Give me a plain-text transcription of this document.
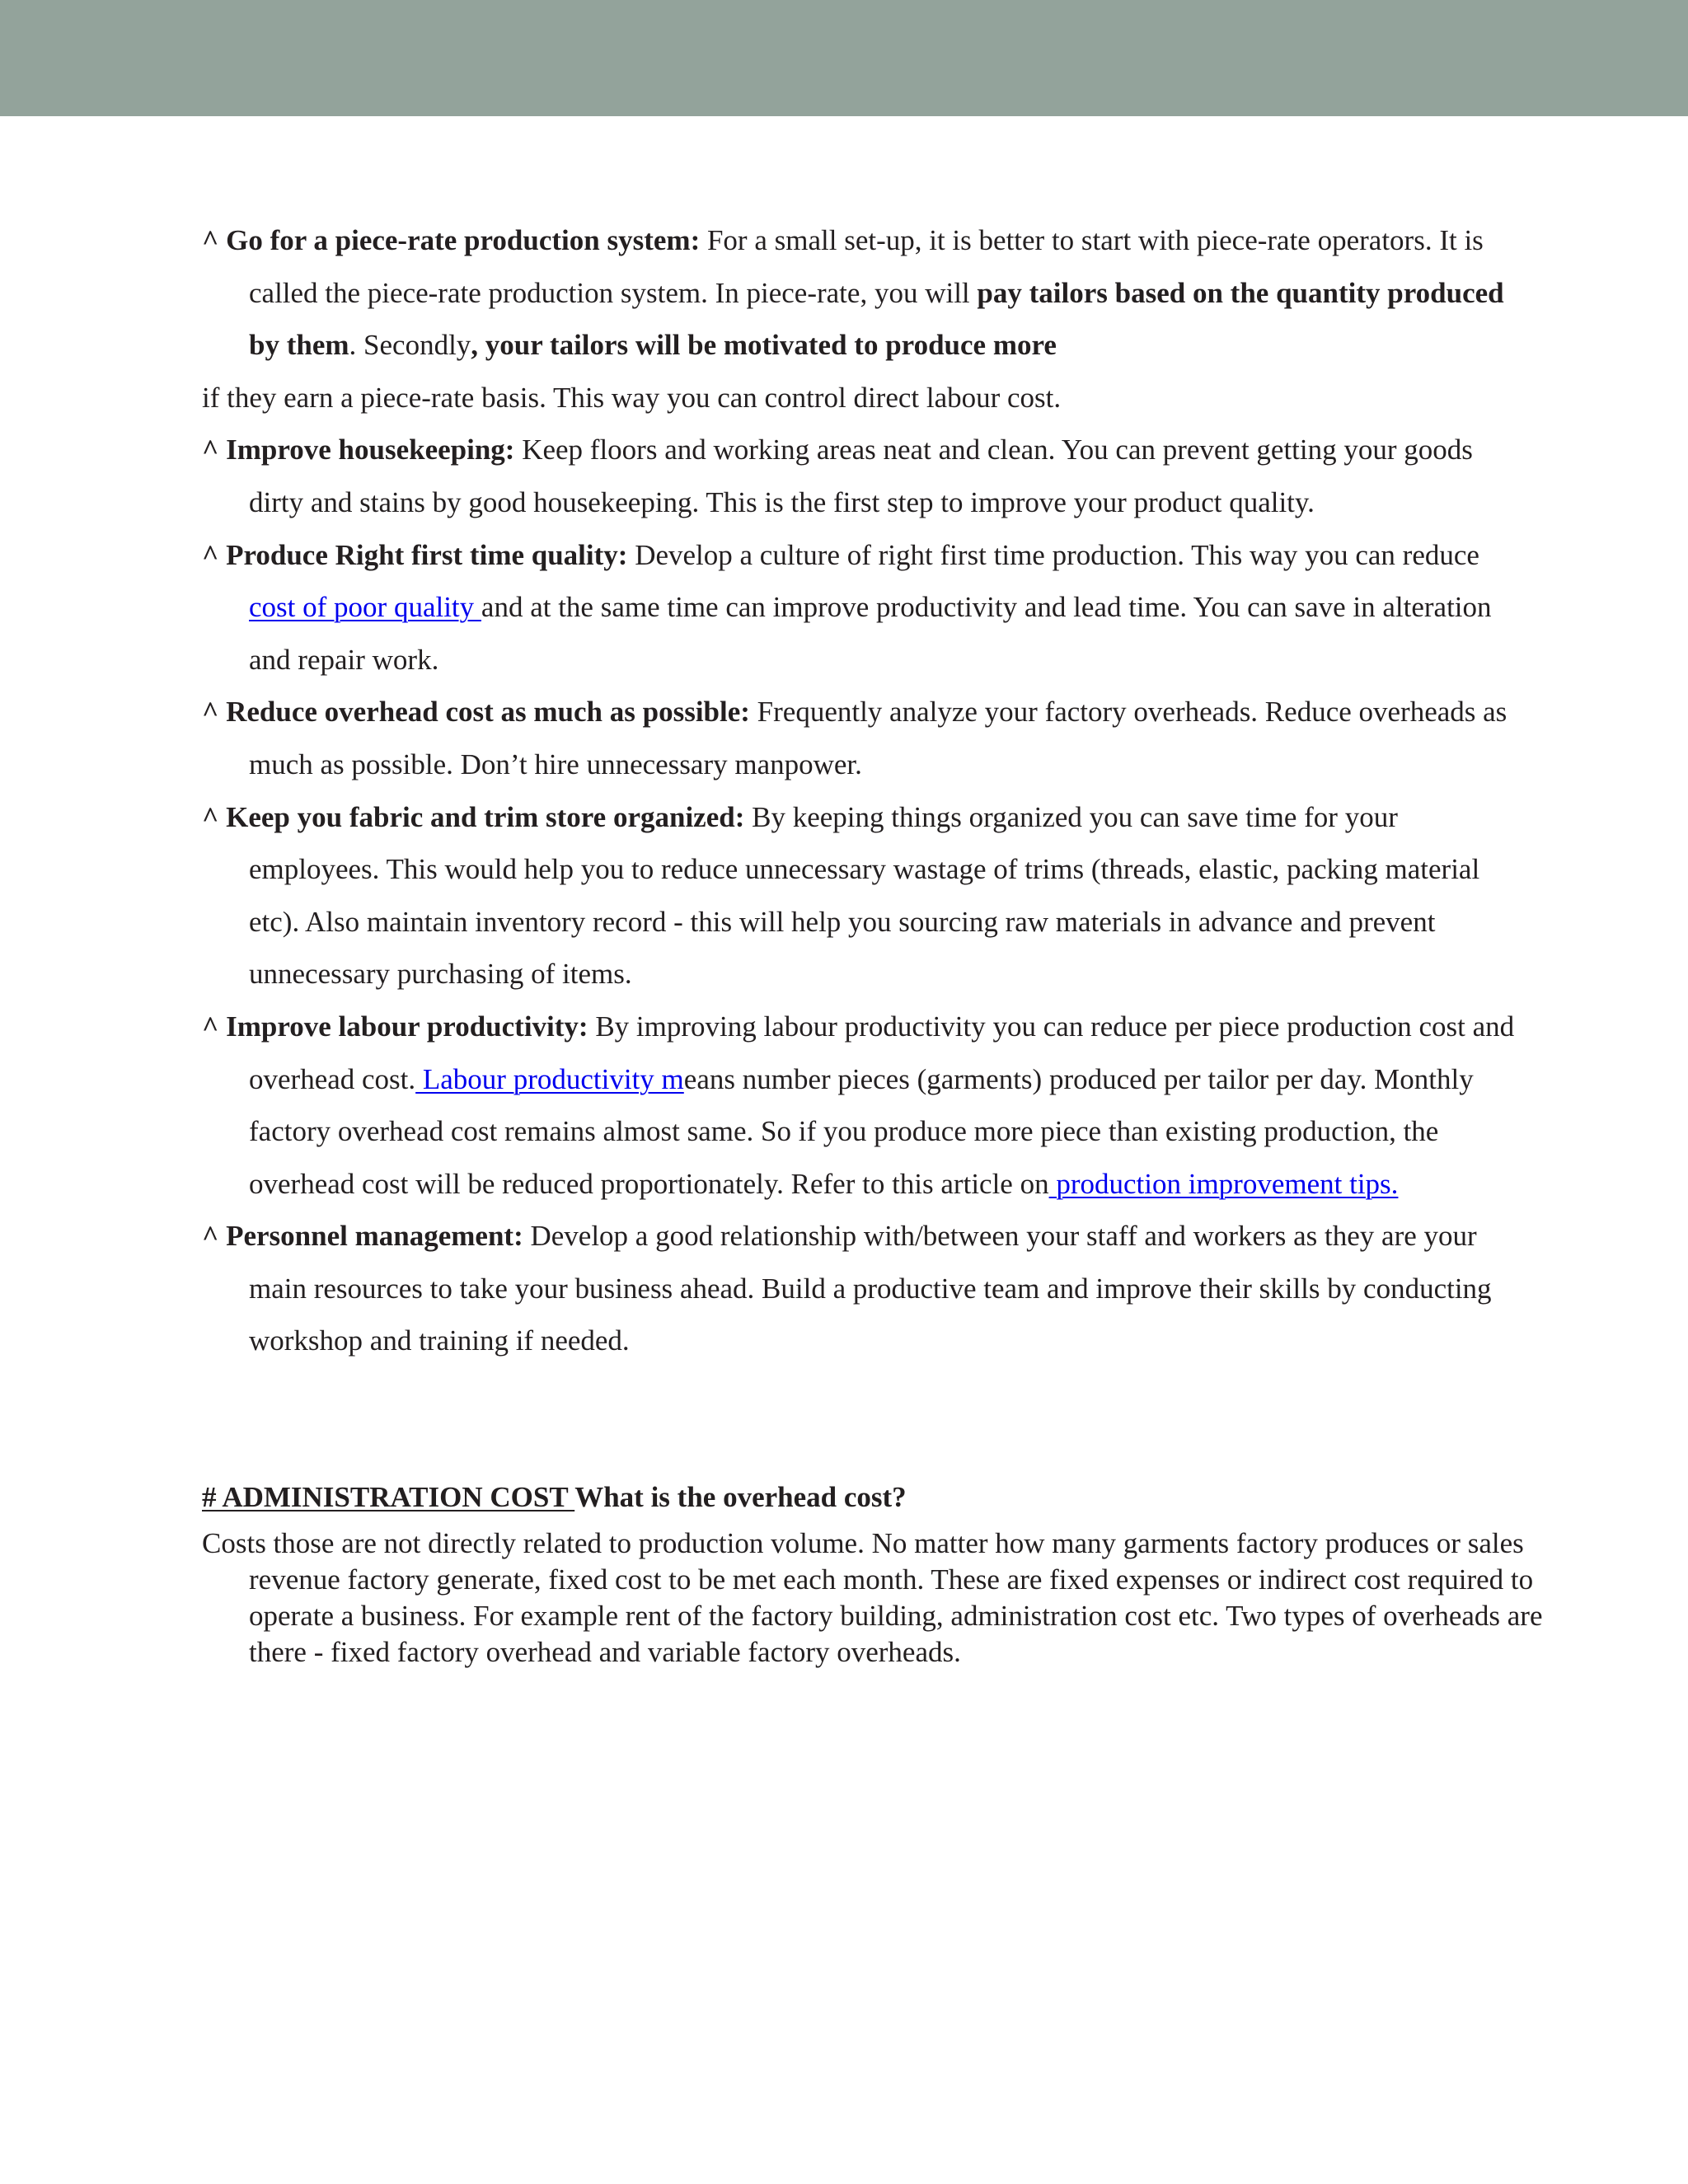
^ Go for a piece-rate production system: For a small set-up, it is better to start with piece-rate operators. It is called the piece-rate production system. In piece-rate, you will pay tailors based on the quantity produced by them. Secondly, your tailors will be motivated to produce more

if they earn a piece-rate basis. This way you can control direct labour cost.

^ Improve housekeeping: Keep floors and working areas neat and clean. You can prevent getting your goods dirty and stains by good housekeeping. This is the first step to improve your product quality.

^ Produce Right first time quality: Develop a culture of right first time production. This way you can reduce cost of poor quality and at the same time can improve productivity and lead time. You can save in alteration and repair work.

^ Reduce overhead cost as much as possible: Frequently analyze your factory overheads. Reduce overheads as much as possible. Don’t hire unnecessary manpower.

^ Keep you fabric and trim store organized: By keeping things organized you can save time for your employees. This would help you to reduce unnecessary wastage of trims (threads, elastic, packing material etc). Also maintain inventory record - this will help you sourcing raw materials in advance and prevent unnecessary purchasing of items.

^ Improve labour productivity: By improving labour productivity you can reduce per piece production cost and overhead cost. Labour productivity means number pieces (garments) produced per tailor per day. Monthly factory overhead cost remains almost same. So if you produce more piece than existing production, the overhead cost will be reduced proportionately. Refer to this article on production improvement tips.

^ Personnel management: Develop a good relationship with/between your staff and workers as they are your main resources to take your business ahead. Build a productive team and improve their skills by conducting workshop and training if needed.

# ADMINISTRATION COST What is the overhead cost?

Costs those are not directly related to production volume. No matter how many garments factory produces or sales revenue factory generate, fixed cost to be met each month. These are fixed expenses or indirect cost required to operate a business. For example rent of the factory building, administration cost etc. Two types of overheads are there - fixed factory overhead and variable factory overheads.
